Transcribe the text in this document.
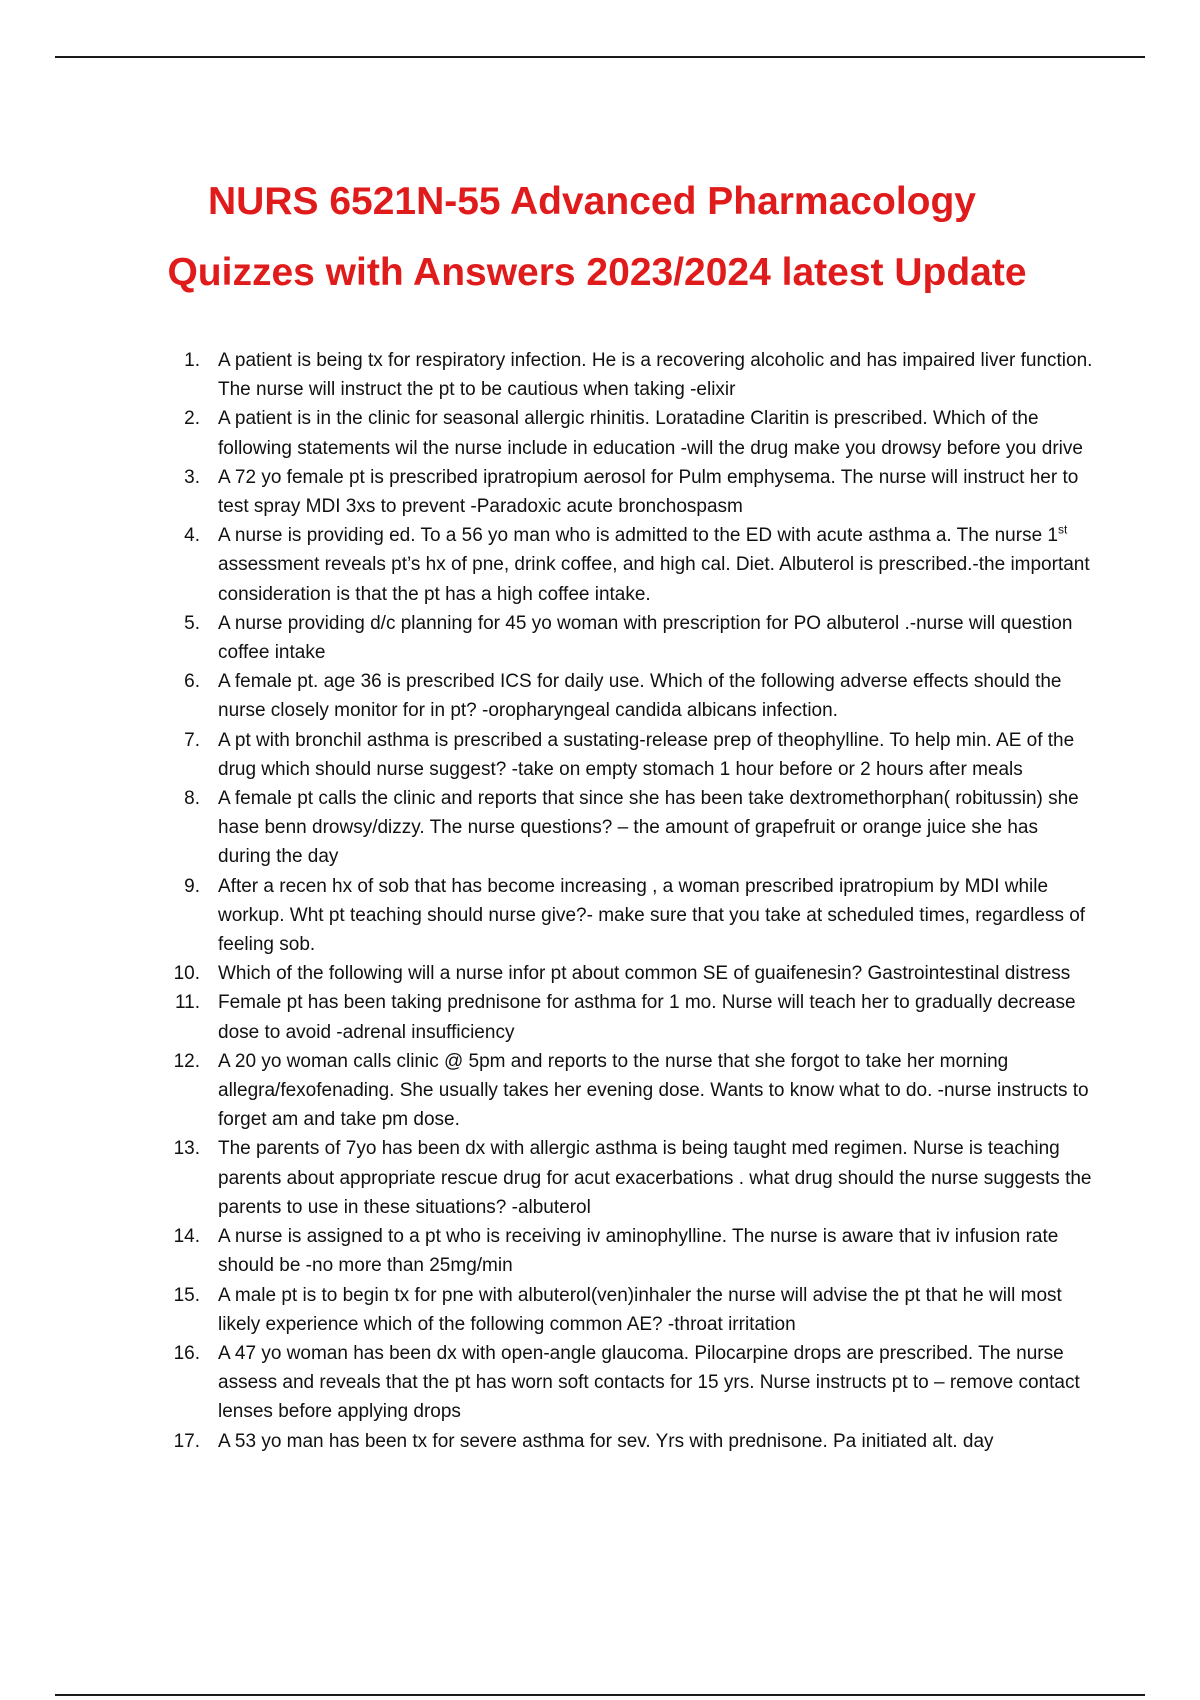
NURS 6521N-55 Advanced Pharmacology
Quizzes with Answers 2023/2024 latest Update
1. A patient is being tx for respiratory infection. He is a recovering alcoholic and has impaired liver function. The nurse will instruct the pt to be cautious when taking -elixir
2. A patient is in the clinic for seasonal allergic rhinitis. Loratadine Claritin is prescribed. Which of the following statements wil the nurse include in education -will the drug make you drowsy before you drive
3. A 72 yo female pt is prescribed ipratropium aerosol for Pulm emphysema. The nurse will instruct her to test spray MDI 3xs to prevent -Paradoxic acute bronchospasm
4. A nurse is providing ed. To a 56 yo man who is admitted to the ED with acute asthma a. The nurse 1st assessment reveals pt’s hx of pne, drink coffee, and high cal. Diet. Albuterol is prescribed.-the important consideration is that the pt has a high coffee intake.
5. A nurse providing d/c planning for 45 yo woman with prescription for PO albuterol .-nurse will question coffee intake
6. A female pt. age 36 is prescribed ICS for daily use. Which of the following adverse effects should the nurse closely monitor for in pt? -oropharyngeal candida albicans infection.
7. A pt with bronchil asthma is prescribed a sustating-release prep of theophylline. To help min. AE of the drug which should nurse suggest? -take on empty stomach 1 hour before or 2 hours after meals
8. A female pt calls the clinic and reports that since she has been take dextromethorphan( robitussin) she hase benn drowsy/dizzy. The nurse questions? – the amount of grapefruit or orange juice she has during the day
9. After a recen hx of sob that has become increasing , a woman prescribed ipratropium by MDI while workup. Wht pt teaching should nurse give?- make sure that you take at scheduled times, regardless of feeling sob.
10. Which of the following will a nurse infor pt about common SE of guaifenesin? Gastrointestinal distress
11. Female pt has been taking prednisone for asthma for 1 mo. Nurse will teach her to gradually decrease dose to avoid -adrenal insufficiency
12. A 20 yo woman calls clinic @ 5pm and reports to the nurse that she forgot to take her morning allegra/fexofenading. She usually takes her evening dose. Wants to know what to do. -nurse instructs to forget am and take pm dose.
13. The parents of 7yo has been dx with allergic asthma is being taught med regimen. Nurse is teaching parents about appropriate rescue drug for acut exacerbations . what drug should the nurse suggests the parents to use in these situations? -albuterol
14. A nurse is assigned to a pt who is receiving iv aminophylline. The nurse is aware that iv infusion rate should be -no more than 25mg/min
15. A male pt is to begin tx for pne with albuterol(ven)inhaler the nurse will advise the pt that he will most likely experience which of the following common AE? -throat irritation
16. A 47 yo woman has been dx with open-angle glaucoma. Pilocarpine drops are prescribed. The nurse assess and reveals that the pt has worn soft contacts for 15 yrs. Nurse instructs pt to – remove contact lenses before applying drops
17. A 53 yo man has been tx for severe asthma for sev. Yrs with prednisone. Pa initiated alt. day
